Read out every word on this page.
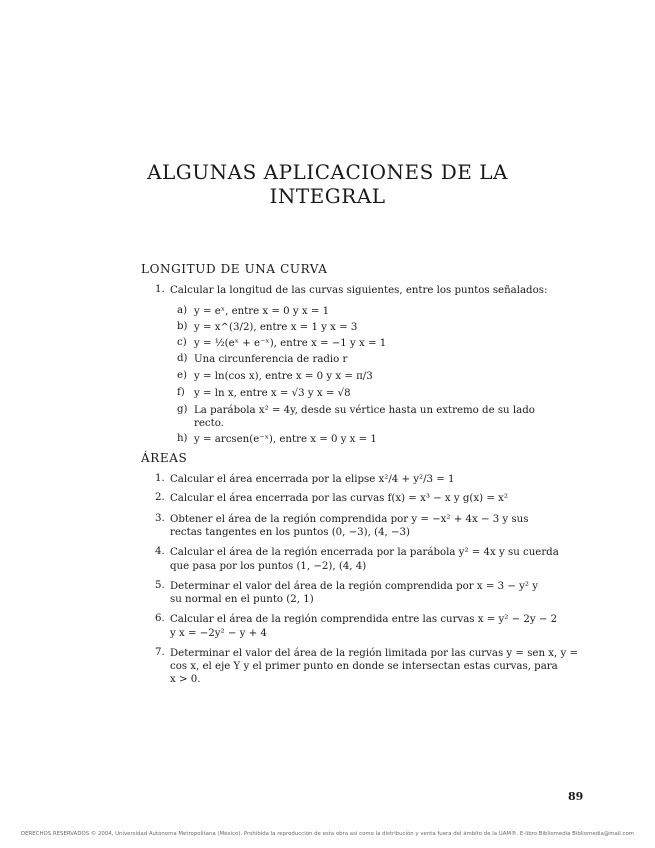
ALGUNAS APLICACIONES DE LA
INTEGRAL
LONGITUD DE UNA CURVA
1. Calcular la longitud de las curvas siguientes, entre los puntos señalados:
a) y = eˣ, entre x = 0 y x = 1
b) y = x^(3/2), entre x = 1 y x = 3
c) y = ½(eˣ + e⁻ˣ), entre x = −1 y x = 1
d) Una circunferencia de radio r
e) y = ln(cos x), entre x = 0 y x = π/3
f) y = ln x, entre x = √3 y x = √8
g) La parábola x² = 4y, desde su vértice hasta un extremo de su lado
recto.
h) y = arcsen(e⁻ˣ), entre x = 0 y x = 1
ÁREAS
1. Calcular el área encerrada por la elipse x²/4 + y²/3 = 1
2. Calcular el área encerrada por las curvas f(x) = x³ − x y g(x) = x²
3. Obtener el área de la región comprendida por y = −x² + 4x − 3 y sus
rectas tangentes en los puntos (0, −3), (4, −3)
4. Calcular el área de la región encerrada por la parábola y² = 4x y su cuerda
que pasa por los puntos (1, −2), (4, 4)
5. Determinar el valor del área de la región comprendida por x = 3 − y² y
su normal en el punto (2, 1)
6. Calcular el área de la región comprendida entre las curvas x = y² − 2y − 2
y x = −2y² − y + 4
7. Determinar el valor del área de la región limitada por las curvas y = sen x, y =
cos x, el eje Y y el primer punto en donde se intersectan estas curvas, para
x > 0.
89
DERECHOS RESERVADOS © 2004, Universidad Autónoma Metropolitana (México). Prohibida la reproducción de esta obra así como la distribución y venta fuera del ámbito de la UAM®. E-libro Bibliomedia Bibliomedia@mail.com
